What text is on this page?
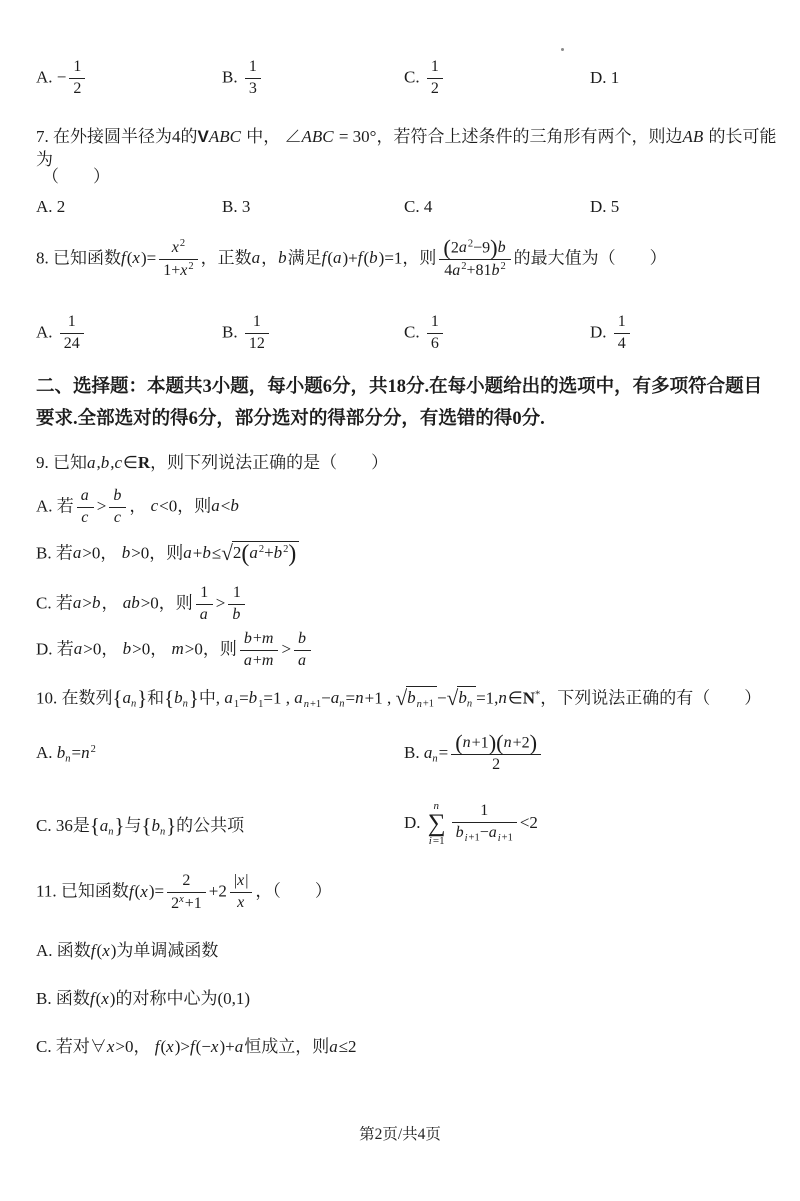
A. − $\frac{1}{2}$	B. $\frac{1}{3}$	C. $\frac{1}{2}$	D. 1
7. 在外接圆半径为4的VABC 中， ∠ABC = 30°，若符合上述条件的三角形有两个，则边AB 的长可能为
（　　）
A. 2	B. 3	C. 4	D. 5
8. 已知函数$f(x)= \frac{x^2}{1+x^2}$ ，正数a，b满足f(a)+f(b)=1，则 $\frac{(2a^2-9)b}{4a^2+81b^2}$ 的最大值为（　　）
A. $\frac{1}{24}$	B. $\frac{1}{12}$	C. $\frac{1}{6}$	D. $\frac{1}{4}$
二、选择题：本题共3小题，每小题6分，共18分.在每小题给出的选项中，有多项符合题目
要求.全部选对的得6分，部分选对的得部分分，有选错的得0分.
9. 已知a,b,c∈R，则下列说法正确的是（　　）
A. 若 $\frac{a}{c} > \frac{b}{c}$ ， c<0，则a<b
B. 若a>0， b>0，则$a+b\le√2(a^2+b^2)$
C. 若a>b， ab>0，则 $\frac{1}{a} > \frac{1}{b}$
D. 若a>0， b>0， m>0，则 $\frac{b+m}{a+m} > \frac{b}{a}$
10. 在数列$\{a_n\}$和$\{b_n\}$中, $a_1=b_1=1$ , $a_{n+1}-a_n=n+1$ , $√b_{n+1} -√b_n$ =1,n∈N*，下列说法正确的有（　　）
A. $b_n=n^2$	B. $a_n= \frac{(n+1)(n+2)}{2}$
C. 36是$\{a_n\}$与$\{b_n\}$的公共项	D.
n
∑
$i=1 \frac{1}{b_{i+1}-a_{i+1}} <2$
11. 已知函数$f(x)= \frac{2}{2^x+1} +2 \frac{|x|}{x}$ ，（　　）
A. 函数f(x)为单调减函数
B. 函数f(x)的对称中心为(0,1)
C. 若对∀x>0， f(x)>f(−x)+a恒成立，则a≤2
第2页/共4页
